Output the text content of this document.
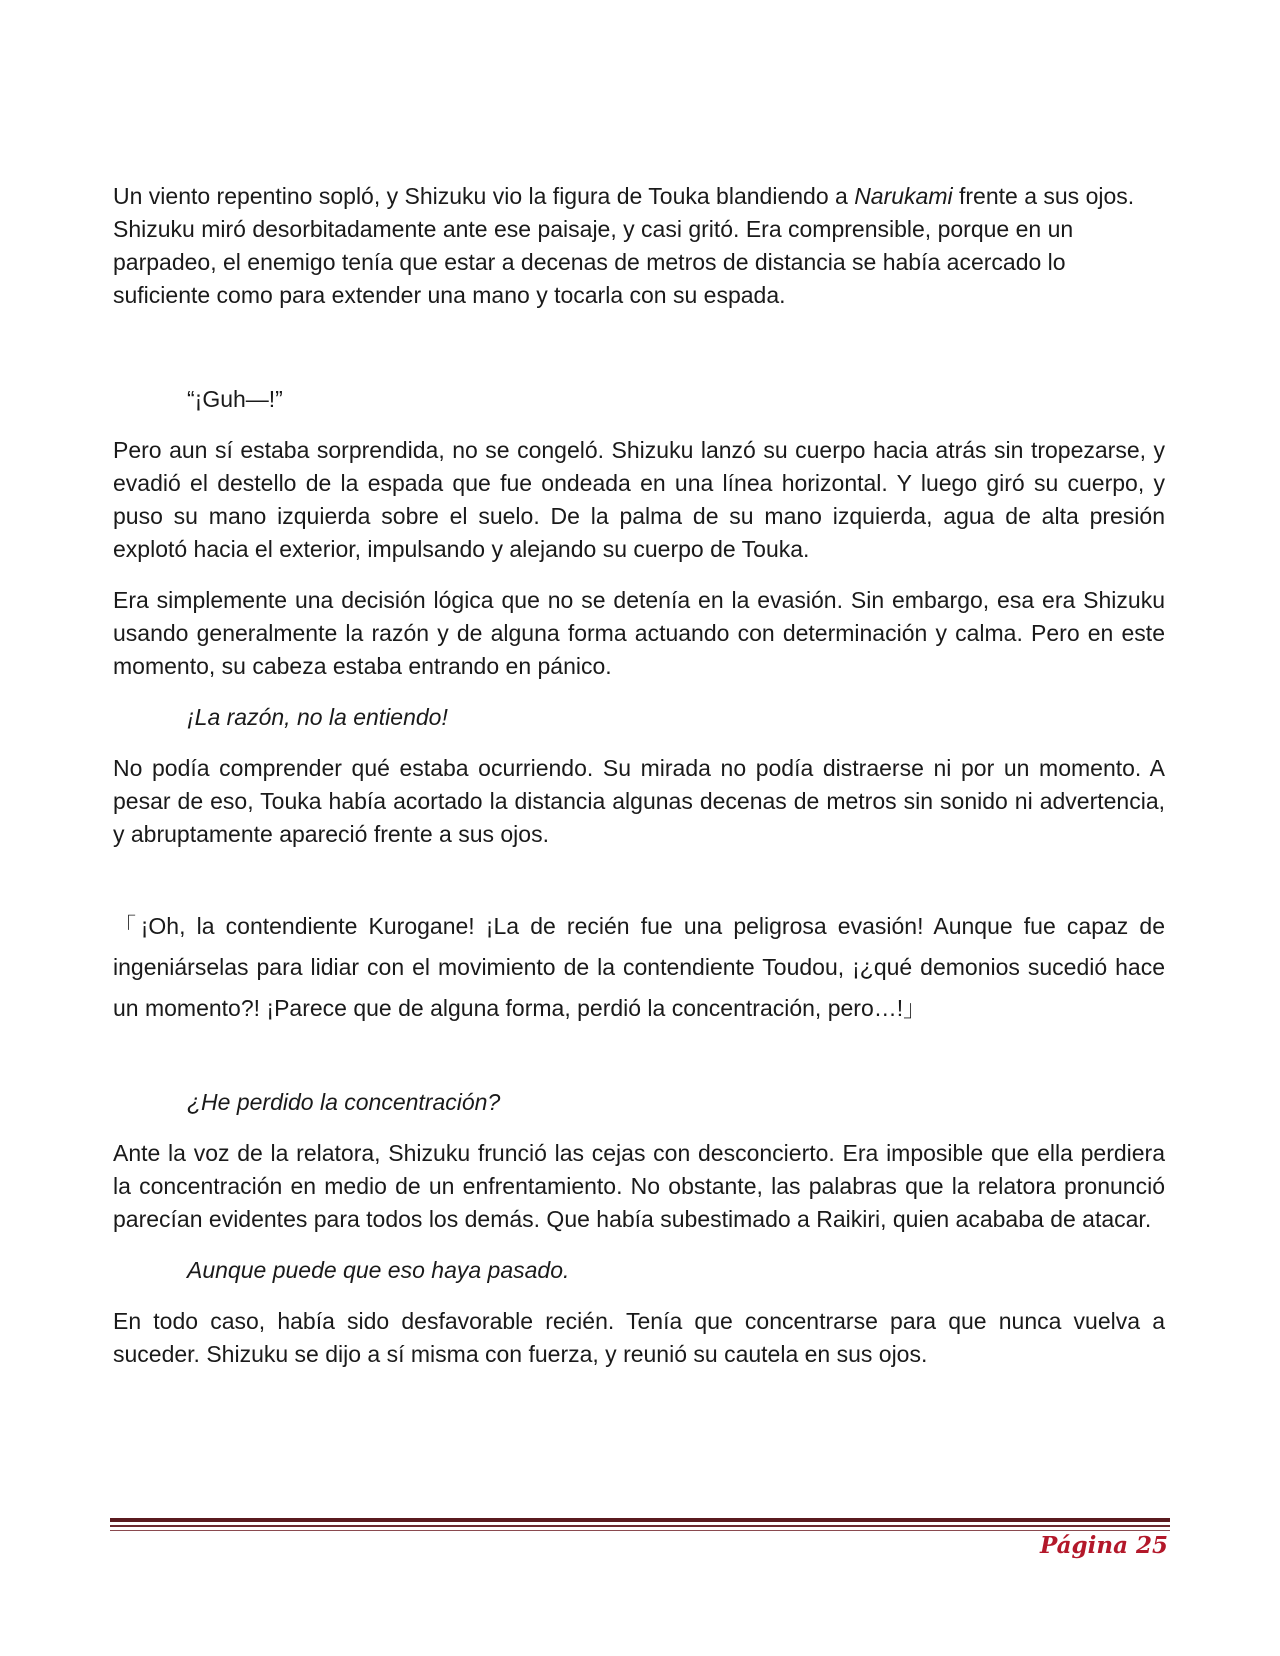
Un viento repentino sopló, y Shizuku vio la figura de Touka blandiendo a Narukami frente a sus ojos.

Shizuku miró desorbitadamente ante ese paisaje, y casi gritó. Era comprensible, porque en un parpadeo, el enemigo tenía que estar a decenas de metros de distancia se había acercado lo suficiente como para extender una mano y tocarla con su espada.

“¡Guh—!”

Pero aun sí estaba sorprendida, no se congeló. Shizuku lanzó su cuerpo hacia atrás sin tropezarse, y evadió el destello de la espada que fue ondeada en una línea horizontal. Y luego giró su cuerpo, y puso su mano izquierda sobre el suelo. De la palma de su mano izquierda, agua de alta presión explotó hacia el exterior, impulsando y alejando su cuerpo de Touka.

Era simplemente una decisión lógica que no se detenía en la evasión. Sin embargo, esa era Shizuku usando generalmente la razón y de alguna forma actuando con determinación y calma. Pero en este momento, su cabeza estaba entrando en pánico.

¡La razón, no la entiendo!

No podía comprender qué estaba ocurriendo. Su mirada no podía distraerse ni por un momento. A pesar de eso, Touka había acortado la distancia algunas decenas de metros sin sonido ni advertencia, y abruptamente apareció frente a sus ojos.

「¡Oh, la contendiente Kurogane! ¡La de recién fue una peligrosa evasión! Aunque fue capaz de ingeniárselas para lidiar con el movimiento de la contendiente Toudou, ¡¿qué demonios sucedió hace un momento?! ¡Parece que de alguna forma, perdió la concentración, pero…!」

¿He perdido la concentración?

Ante la voz de la relatora, Shizuku frunció las cejas con desconcierto. Era imposible que ella perdiera la concentración en medio de un enfrentamiento. No obstante, las palabras que la relatora pronunció parecían evidentes para todos los demás. Que había subestimado a Raikiri, quien acababa de atacar.

Aunque puede que eso haya pasado.

En todo caso, había sido desfavorable recién. Tenía que concentrarse para que nunca vuelva a suceder. Shizuku se dijo a sí misma con fuerza, y reunió su cautela en sus ojos.

Página 25
